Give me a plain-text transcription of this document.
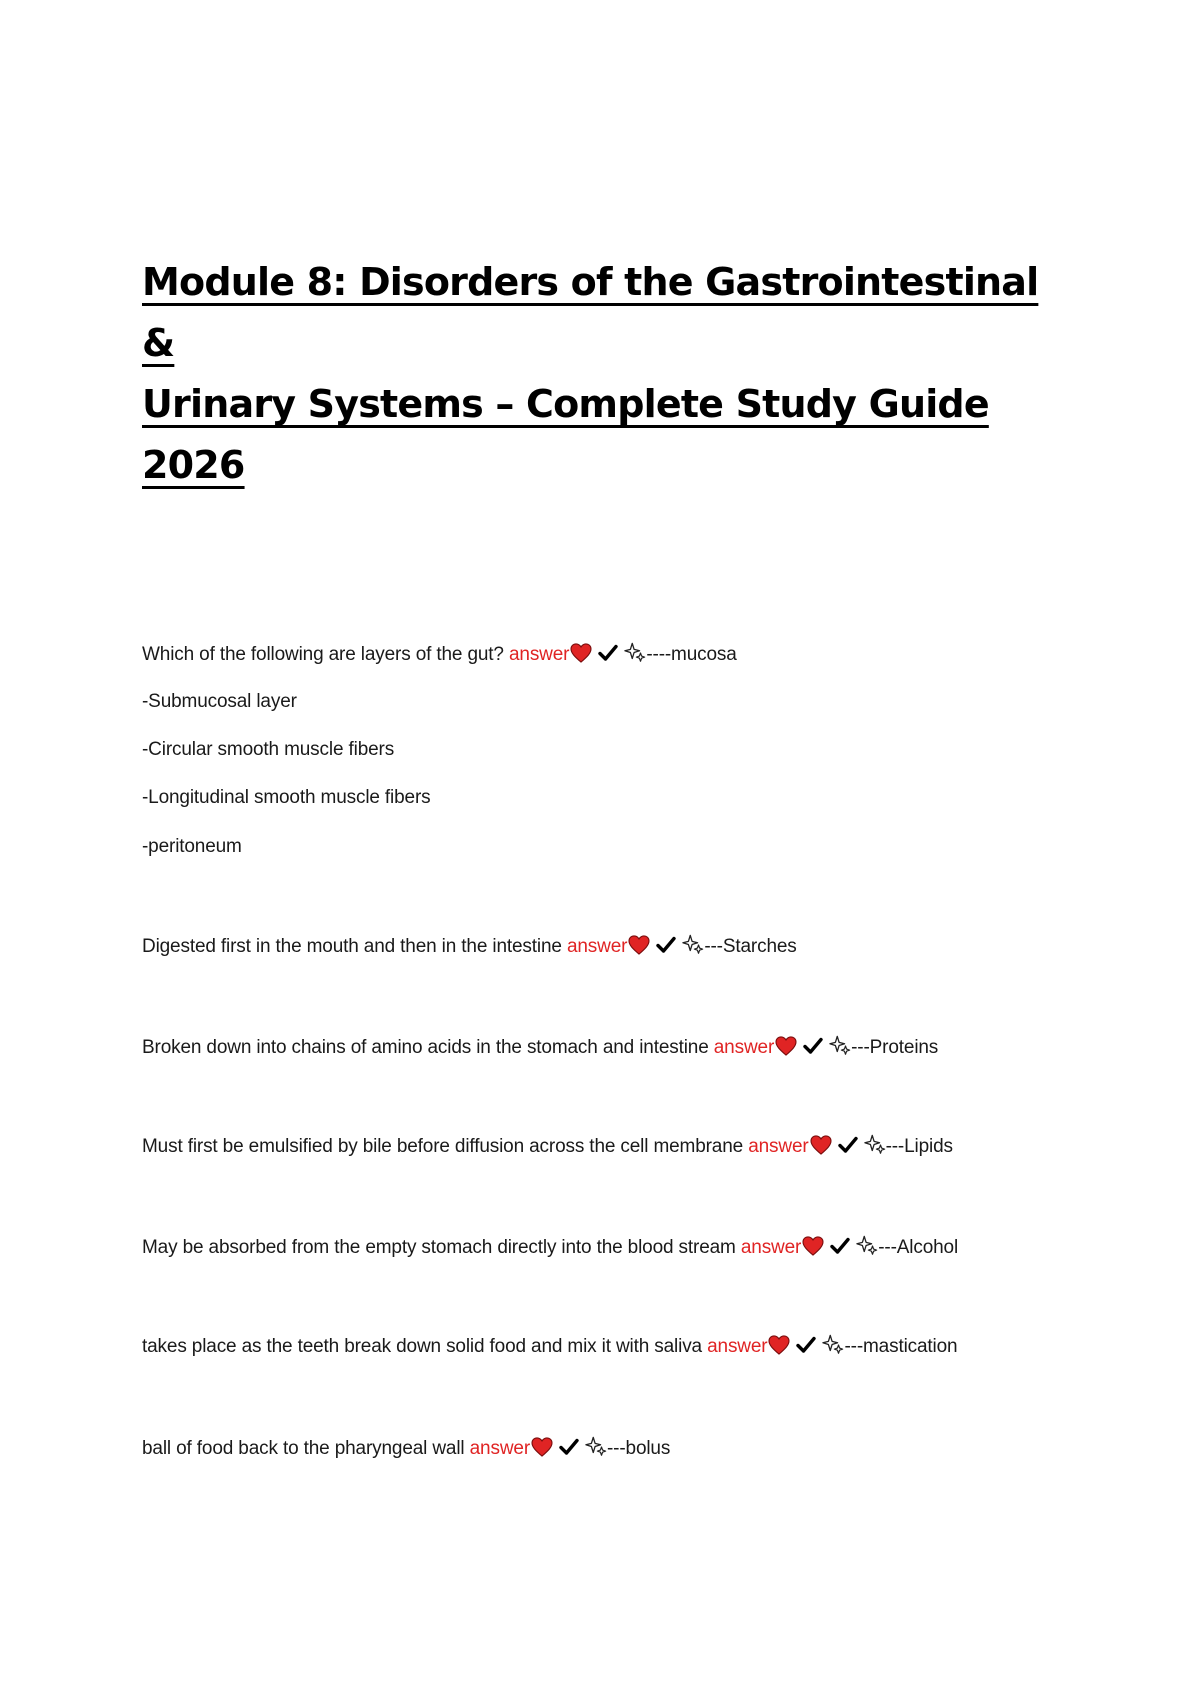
Module 8: Disorders of the Gastrointestinal &
Urinary Systems – Complete Study Guide 2026

Which of the following are layers of the gut? answer	----mucosa

-Submucosal layer

-Circular smooth muscle fibers

-Longitudinal smooth muscle fibers

-peritoneum

Digested first in the mouth and then in the intestine answer	---Starches

Broken down into chains of amino acids in the stomach and intestine answer	---Proteins

Must first be emulsified by bile before diffusion across the cell membrane answer	---Lipids

May be absorbed from the empty stomach directly into the blood stream answer	---Alcohol

takes place as the teeth break down solid food and mix it with saliva answer	---mastication

ball of food back to the pharyngeal wall answer	---bolus
